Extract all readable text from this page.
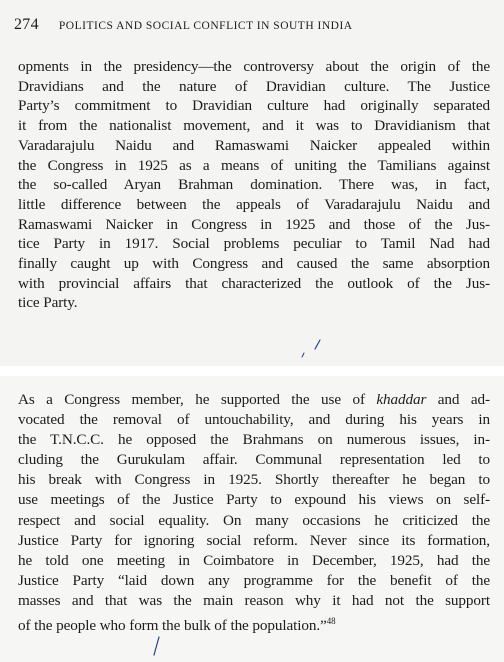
274 POLITICS AND SOCIAL CONFLICT IN SOUTH INDIA
opments in the presidency—the controversy about the origin of the
Dravidians and the nature of Dravidian culture. The Justice
Party’s commitment to Dravidian culture had originally separated
it from the nationalist movement, and it was to Dravidianism that
Varadarajulu Naidu and Ramaswami Naicker appealed within
the Congress in 1925 as a means of uniting the Tamilians against
the so-called Aryan Brahman domination. There was, in fact,
little difference between the appeals of Varadarajulu Naidu and
Ramaswami Naicker in Congress in 1925 and those of the Jus-
tice Party in 1917. Social problems peculiar to Tamil Nad had
finally caught up with Congress and caused the same absorption
with provincial affairs that characterized the outlook of the Jus-
tice Party.
As a Congress member, he supported the use of khaddar and ad-
vocated the removal of untouchability, and during his years in
the T.N.C.C. he opposed the Brahmans on numerous issues, in-
cluding the Gurukulam affair. Communal representation led to
his break with Congress in 1925. Shortly thereafter he began to
use meetings of the Justice Party to expound his views on self-
respect and social equality. On many occasions he criticized the
Justice Party for ignoring social reform. Never since its formation,
he told one meeting in Coimbatore in December, 1925, had the
Justice Party “laid down any programme for the benefit of the
masses and that was the main reason why it had not the support
of the people who form the bulk of the population.”$^{48}$
